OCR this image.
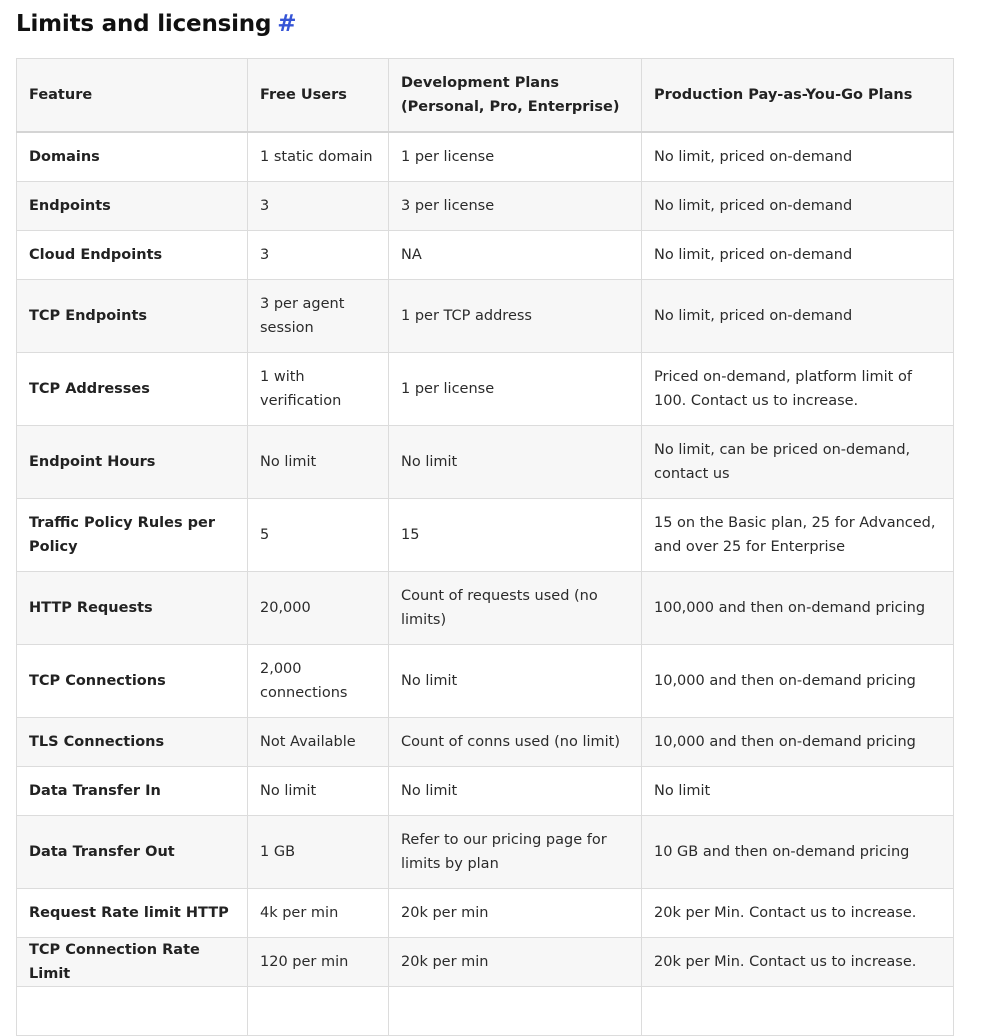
Limits and licensing #
Feature	Free Users	Development Plans (Personal, Pro, Enterprise)	Production Pay-as-You-Go Plans
Domains	1 static domain	1 per license	No limit, priced on-demand
Endpoints	3	3 per license	No limit, priced on-demand
Cloud Endpoints	3	NA	No limit, priced on-demand
TCP Endpoints	3 per agent session	1 per TCP address	No limit, priced on-demand
TCP Addresses	1 with verification	1 per license	Priced on-demand, platform limit of 100. Contact us to increase.
Endpoint Hours	No limit	No limit	No limit, can be priced on-demand, contact us
Traffic Policy Rules per Policy	5	15	15 on the Basic plan, 25 for Advanced, and over 25 for Enterprise
HTTP Requests	20,000	Count of requests used (no limits)	100,000 and then on-demand pricing
TCP Connections	2,000 connections	No limit	10,000 and then on-demand pricing
TLS Connections	Not Available	Count of conns used (no limit)	10,000 and then on-demand pricing
Data Transfer In	No limit	No limit	No limit
Data Transfer Out	1 GB	Refer to our pricing page for limits by plan	10 GB and then on-demand pricing
Request Rate limit HTTP	4k per min	20k per min	20k per Min. Contact us to increase.
TCP Connection Rate Limit	120 per min	20k per min	20k per Min. Contact us to increase.
